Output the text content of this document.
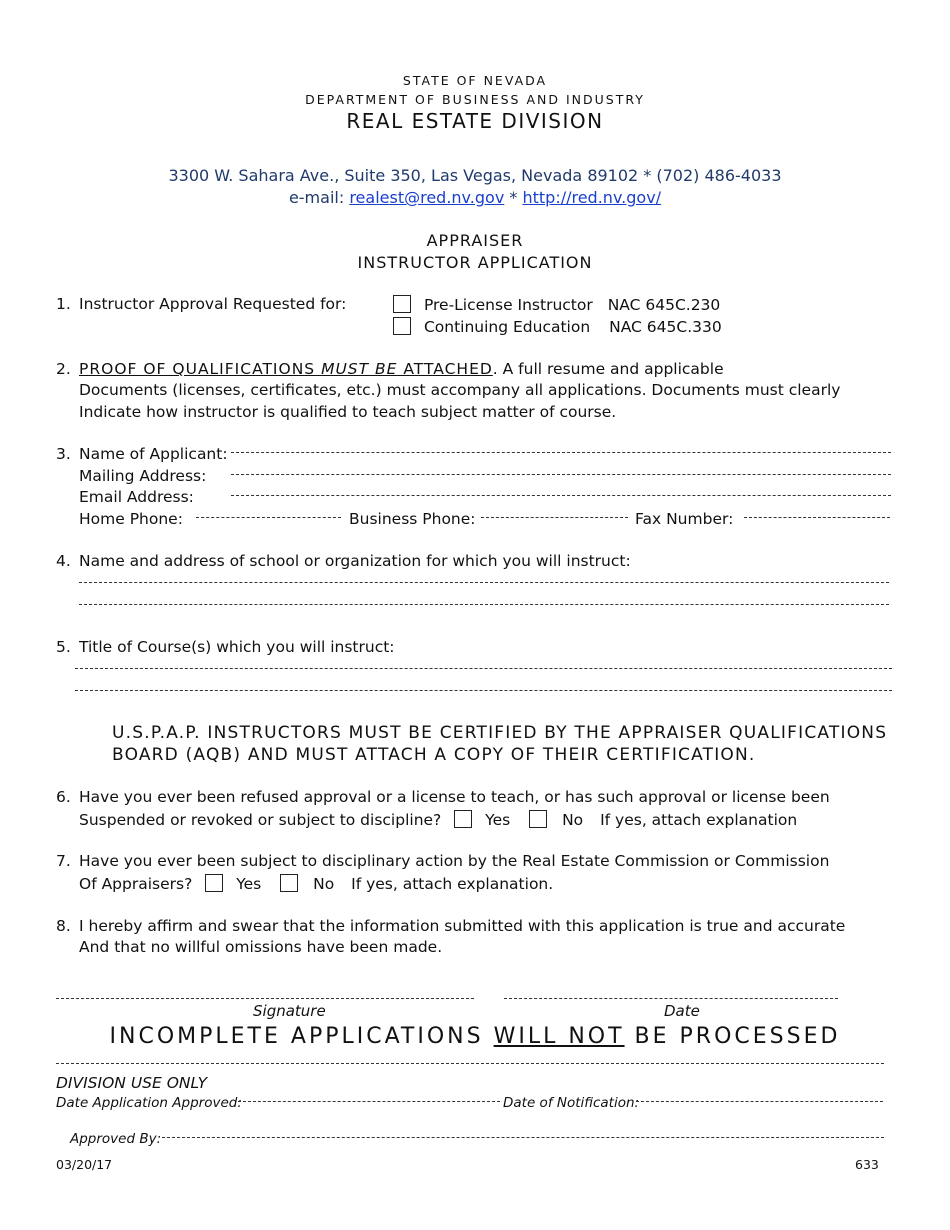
STATE OF NEVADA
DEPARTMENT OF BUSINESS AND INDUSTRY
REAL ESTATE DIVISION
3300 W. Sahara Ave., Suite 350, Las Vegas, Nevada 89102 * (702) 486-4033
e-mail: realest@red.nv.gov * http://red.nv.gov/
APPRAISER
INSTRUCTOR APPLICATION
1. Instructor Approval Requested for:	Pre-License Instructor NAC 645C.230
Continuing Education NAC 645C.330
2. PROOF OF QUALIFICATIONS MUST BE ATTACHED. A full resume and applicable
Documents (licenses, certificates, etc.) must accompany all applications. Documents must clearly
Indicate how instructor is qualified to teach subject matter of course.
3. Name of Applicant:
Mailing Address:
Email Address:
Home Phone:	Business Phone:	Fax Number:
4. Name and address of school or organization for which you will instruct:
5. Title of Course(s) which you will instruct:
U.S.P.A.P. INSTRUCTORS MUST BE CERTIFIED BY THE APPRAISER QUALIFICATIONS
BOARD (AQB) AND MUST ATTACH A COPY OF THEIR CERTIFICATION.
6. Have you ever been refused approval or a license to teach, or has such approval or license been
Suspended or revoked or subject to discipline?	Yes	No If yes, attach explanation
7. Have you ever been subject to disciplinary action by the Real Estate Commission or Commission
Of Appraisers?	Yes	No If yes, attach explanation.
8. I hereby affirm and swear that the information submitted with this application is true and accurate
And that no willful omissions have been made.
Signature	Date
INCOMPLETE APPLICATIONS WILL NOT BE PROCESSED
DIVISION USE ONLY
Date Application Approved:	Date of Notification:
Approved By:
03/20/17	633
